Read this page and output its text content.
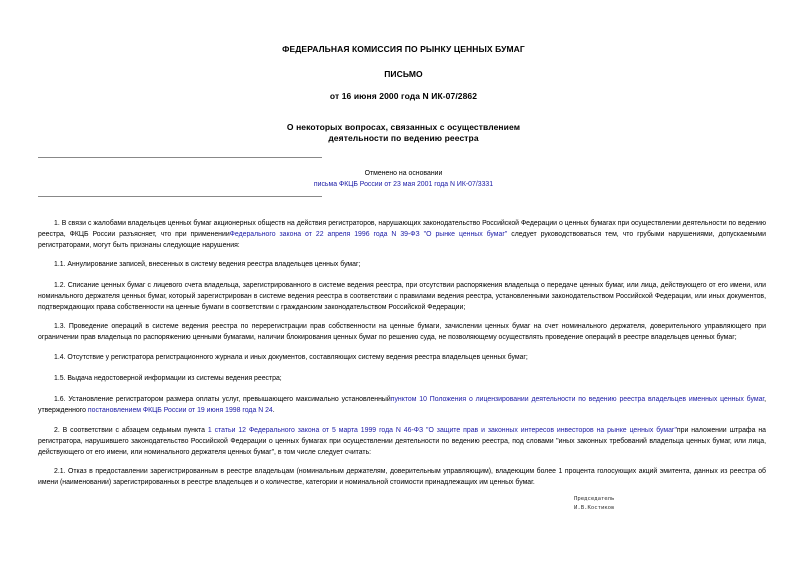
ФЕДЕРАЛЬНАЯ КОМИССИЯ ПО РЫНКУ ЦЕННЫХ БУМАГ
ПИСЬМО
от 16 июня 2000 года N ИК-07/2862
О некоторых вопросах, связанных с осуществлением
деятельности по ведению реестра
Отменено на основании
письма ФКЦБ России от 23 мая 2001 года N ИК-07/3331
1. В связи с жалобами владельцев ценных бумаг акционерных обществ на действия регистраторов, нарушающих законодательство Российской Федерации о ценных бумагах при осуществлении деятельности по ведению реестра, ФКЦБ России разъясняет, что при примененииФедерального закона от 22 апреля 1996 года N 39-ФЗ "О рынке ценных бумаг" следует руководствоваться тем, что грубыми нарушениями, допускаемыми регистраторами, могут быть признаны следующие нарушения:
1.1. Аннулирование записей, внесенных в систему ведения реестра владельцев ценных бумаг;
1.2. Списание ценных бумаг с лицевого счета владельца, зарегистрированного в системе ведения реестра, при отсутствии распоряжения владельца о передаче ценных бумаг, или лица, действующего от его имени, или номинального держателя ценных бумаг, который зарегистрирован в системе ведения реестра в соответствии с правилами ведения реестра, установленными законодательством Российской Федерации, или иных документов, подтверждающих права собственности на ценные бумаги в соответствии с гражданским законодательством Российской Федерации;
1.3. Проведение операций в системе ведения реестра по перерегистрации прав собственности на ценные бумаги, зачислении ценных бумаг на счет номинального держателя, доверительного управляющего при ограничении прав владельца по распоряжению ценными бумагами, наличии блокирования ценных бумаг по решению суда, не позволяющему осуществлять проведение операций в реестре владельцев ценных бумаг;
1.4. Отсутствие у регистратора регистрационного журнала и иных документов, составляющих систему ведения реестра владельцев ценных бумаг;
1.5. Выдача недостоверной информации из системы ведения реестра;
1.6. Установление регистратором размера оплаты услуг, превышающего максимально установленныйпунктом 10 Положения о лицензировании деятельности по ведению реестра владельцев именных ценных бумаг, утвержденного постановлением ФКЦБ России от 19 июня 1998 года N 24.
2. В соответствии с абзацем седьмым пункта 1 статьи 12 Федерального закона от 5 марта 1999 года N 46-ФЗ "О защите прав и законных интересов инвесторов на рынке ценных бумаг"при наложении штрафа на регистратора, нарушившего законодательство Российской Федерации о ценных бумагах при осуществлении деятельности по ведению реестра, под словами "иных законных требований владельца ценных бумаг, или лица, действующего от его имени, или номинального держателя ценных бумаг", в том числе следует считать:
2.1. Отказ в предоставлении зарегистрированным в реестре владельцам (номинальным держателям, доверительным управляющим), владеющим более 1 процента голосующих акций эмитента, данных из реестра об имени (наименовании) зарегистрированных в реестре владельцев и о количестве, категории и номинальной стоимости принадлежащих им ценных бумаг.
Председатель
И.В.Костиков
